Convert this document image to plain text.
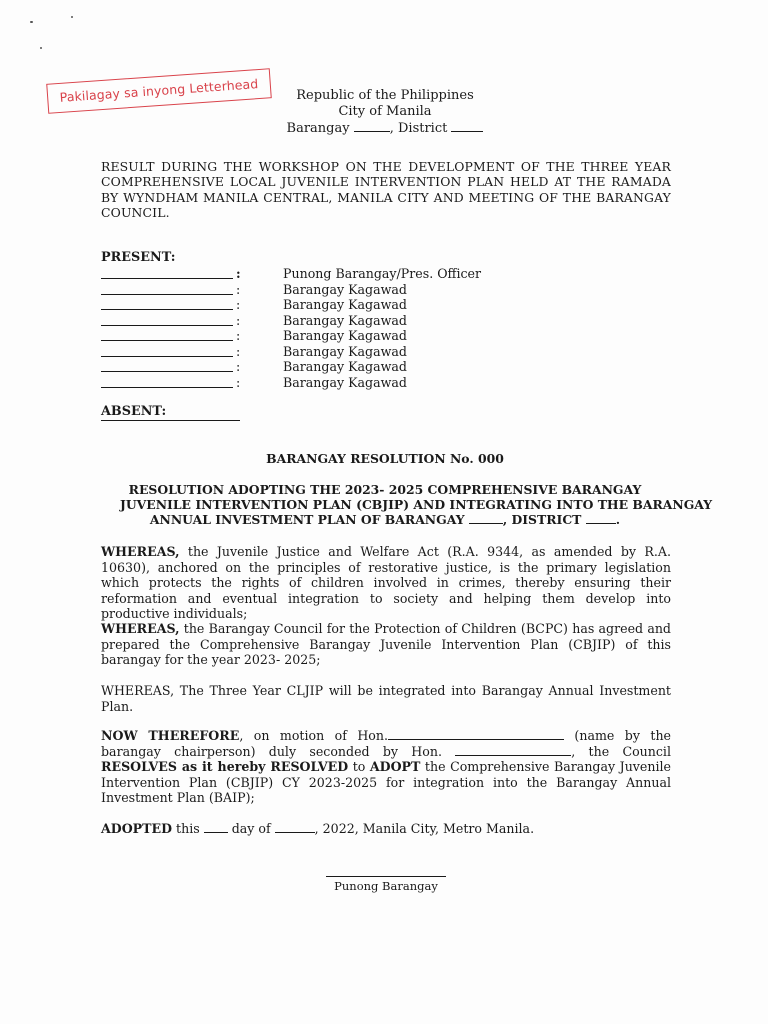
Pakilagay sa inyong Letterhead	Republic of the Philippines
City of Manila
Barangay	, District
RESULT DURING THE WORKSHOP ON THE DEVELOPMENT OF THE THREE YEAR COMPREHENSIVE LOCAL JUVENILE INTERVENTION PLAN HELD AT THE RAMADA BY WYNDHAM MANILA CENTRAL, MANILA CITY AND MEETING OF THE BARANGAY COUNCIL.
PRESENT:
:	Punong Barangay/Pres. Officer
:	Barangay Kagawad
:	Barangay Kagawad
:	Barangay Kagawad
:	Barangay Kagawad
:	Barangay Kagawad
:	Barangay Kagawad
:	Barangay Kagawad
ABSENT:
BARANGAY RESOLUTION No. 000
RESOLUTION ADOPTING THE 2023- 2025 COMPREHENSIVE BARANGAY
JUVENILE INTERVENTION PLAN (CBJIP) AND INTEGRATING INTO THE BARANGAY
ANNUAL INVESTMENT PLAN OF BARANGAY	, DISTRICT	.
WHEREAS, the Juvenile Justice and Welfare Act (R.A. 9344, as amended by R.A. 10630), anchored on the principles of restorative justice, is the primary legislation which protects the rights of children involved in crimes, thereby ensuring their reformation and eventual integration to society and helping them develop into productive individuals;
WHEREAS, the Barangay Council for the Protection of Children (BCPC) has agreed and prepared the Comprehensive Barangay Juvenile Intervention Plan (CBJIP) of this barangay for the year 2023- 2025;
WHEREAS, The Three Year CLJIP will be integrated into Barangay Annual Investment Plan.
NOW THEREFORE, on motion of Hon.	(name by the barangay chairperson) duly seconded by Hon.	, the Council RESOLVES as it hereby RESOLVED to ADOPT the Comprehensive Barangay Juvenile Intervention Plan (CBJIP) CY 2023-2025 for integration into the Barangay Annual Investment Plan (BAIP);
ADOPTED this  day of	, 2022, Manila City, Metro Manila.
Punong Barangay
